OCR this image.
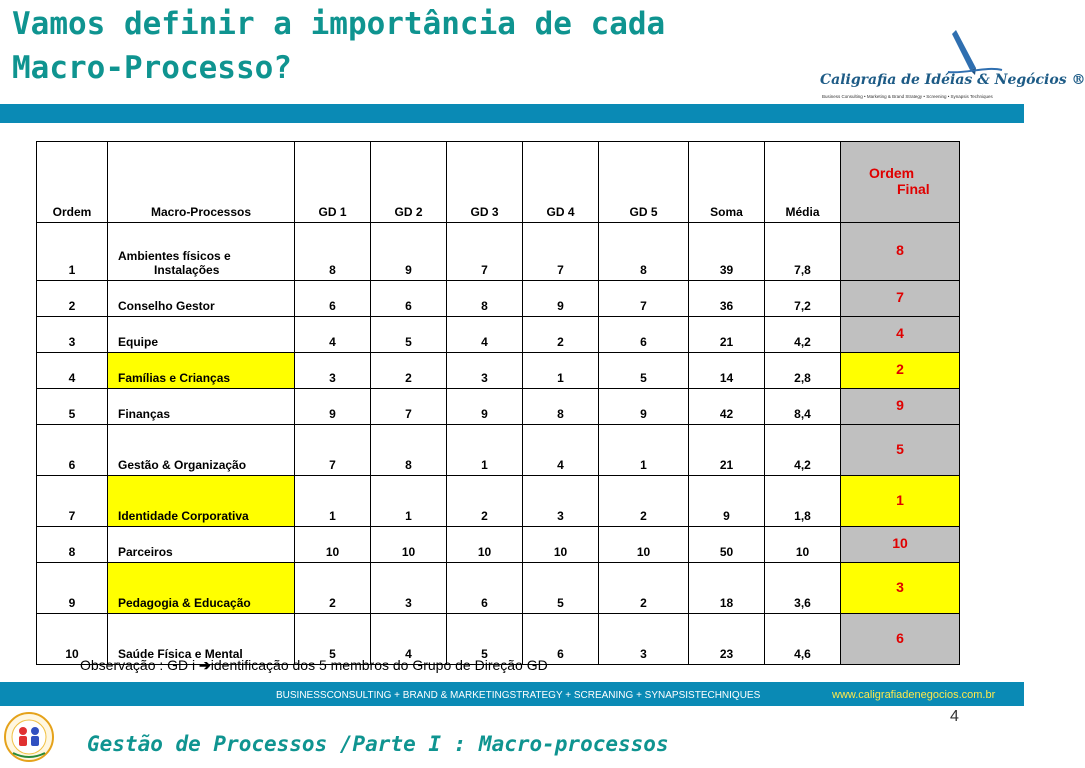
Vamos definir a importância de cada
Macro-Processo?	Caligrafia de Idéias & Negócios ®
Business Consulting • Marketing & Brand Strategy • Screening • Synapsis Techniques
Ordem	Macro-Processos	GD 1	GD 2	GD 3	GD 4	GD 5	Soma	Média	Ordem

Final

1	Ambientes físicos e
Instalações	8	9	7	7	8	39	7,8	8
2	Conselho Gestor	6	6	8	9	7	36	7,2	7
3	Equipe	4	5	4	2	6	21	4,2	4
4	Famílias e Crianças	3	2	3	1	5	14	2,8	2
5	Finanças	9	7	9	8	9	42	8,4	9
6	Gestão & Organização	7	8	1	4	1	21	4,2	5
7	Identidade Corporativa	1	1	2	3	2	9	1,8	1
8	Parceiros	10	10	10	10	10	50	10	10
9	Pedagogia & Educação	2	3	6	5	2	18	3,6	3
10	Saúde Física e Mental	5	4	5	6	3	23	4,6	6
Observação : GD i ➔identificação dos 5 membros do Grupo de Direção GD
BUSINESSCONSULTING + BRAND & MARKETINGSTRATEGY + SCREANING + SYNAPSISTECHNIQUES	www.caligrafiadenegocios.com.br
4
Gestão de Processos /Parte I : Macro-processos
